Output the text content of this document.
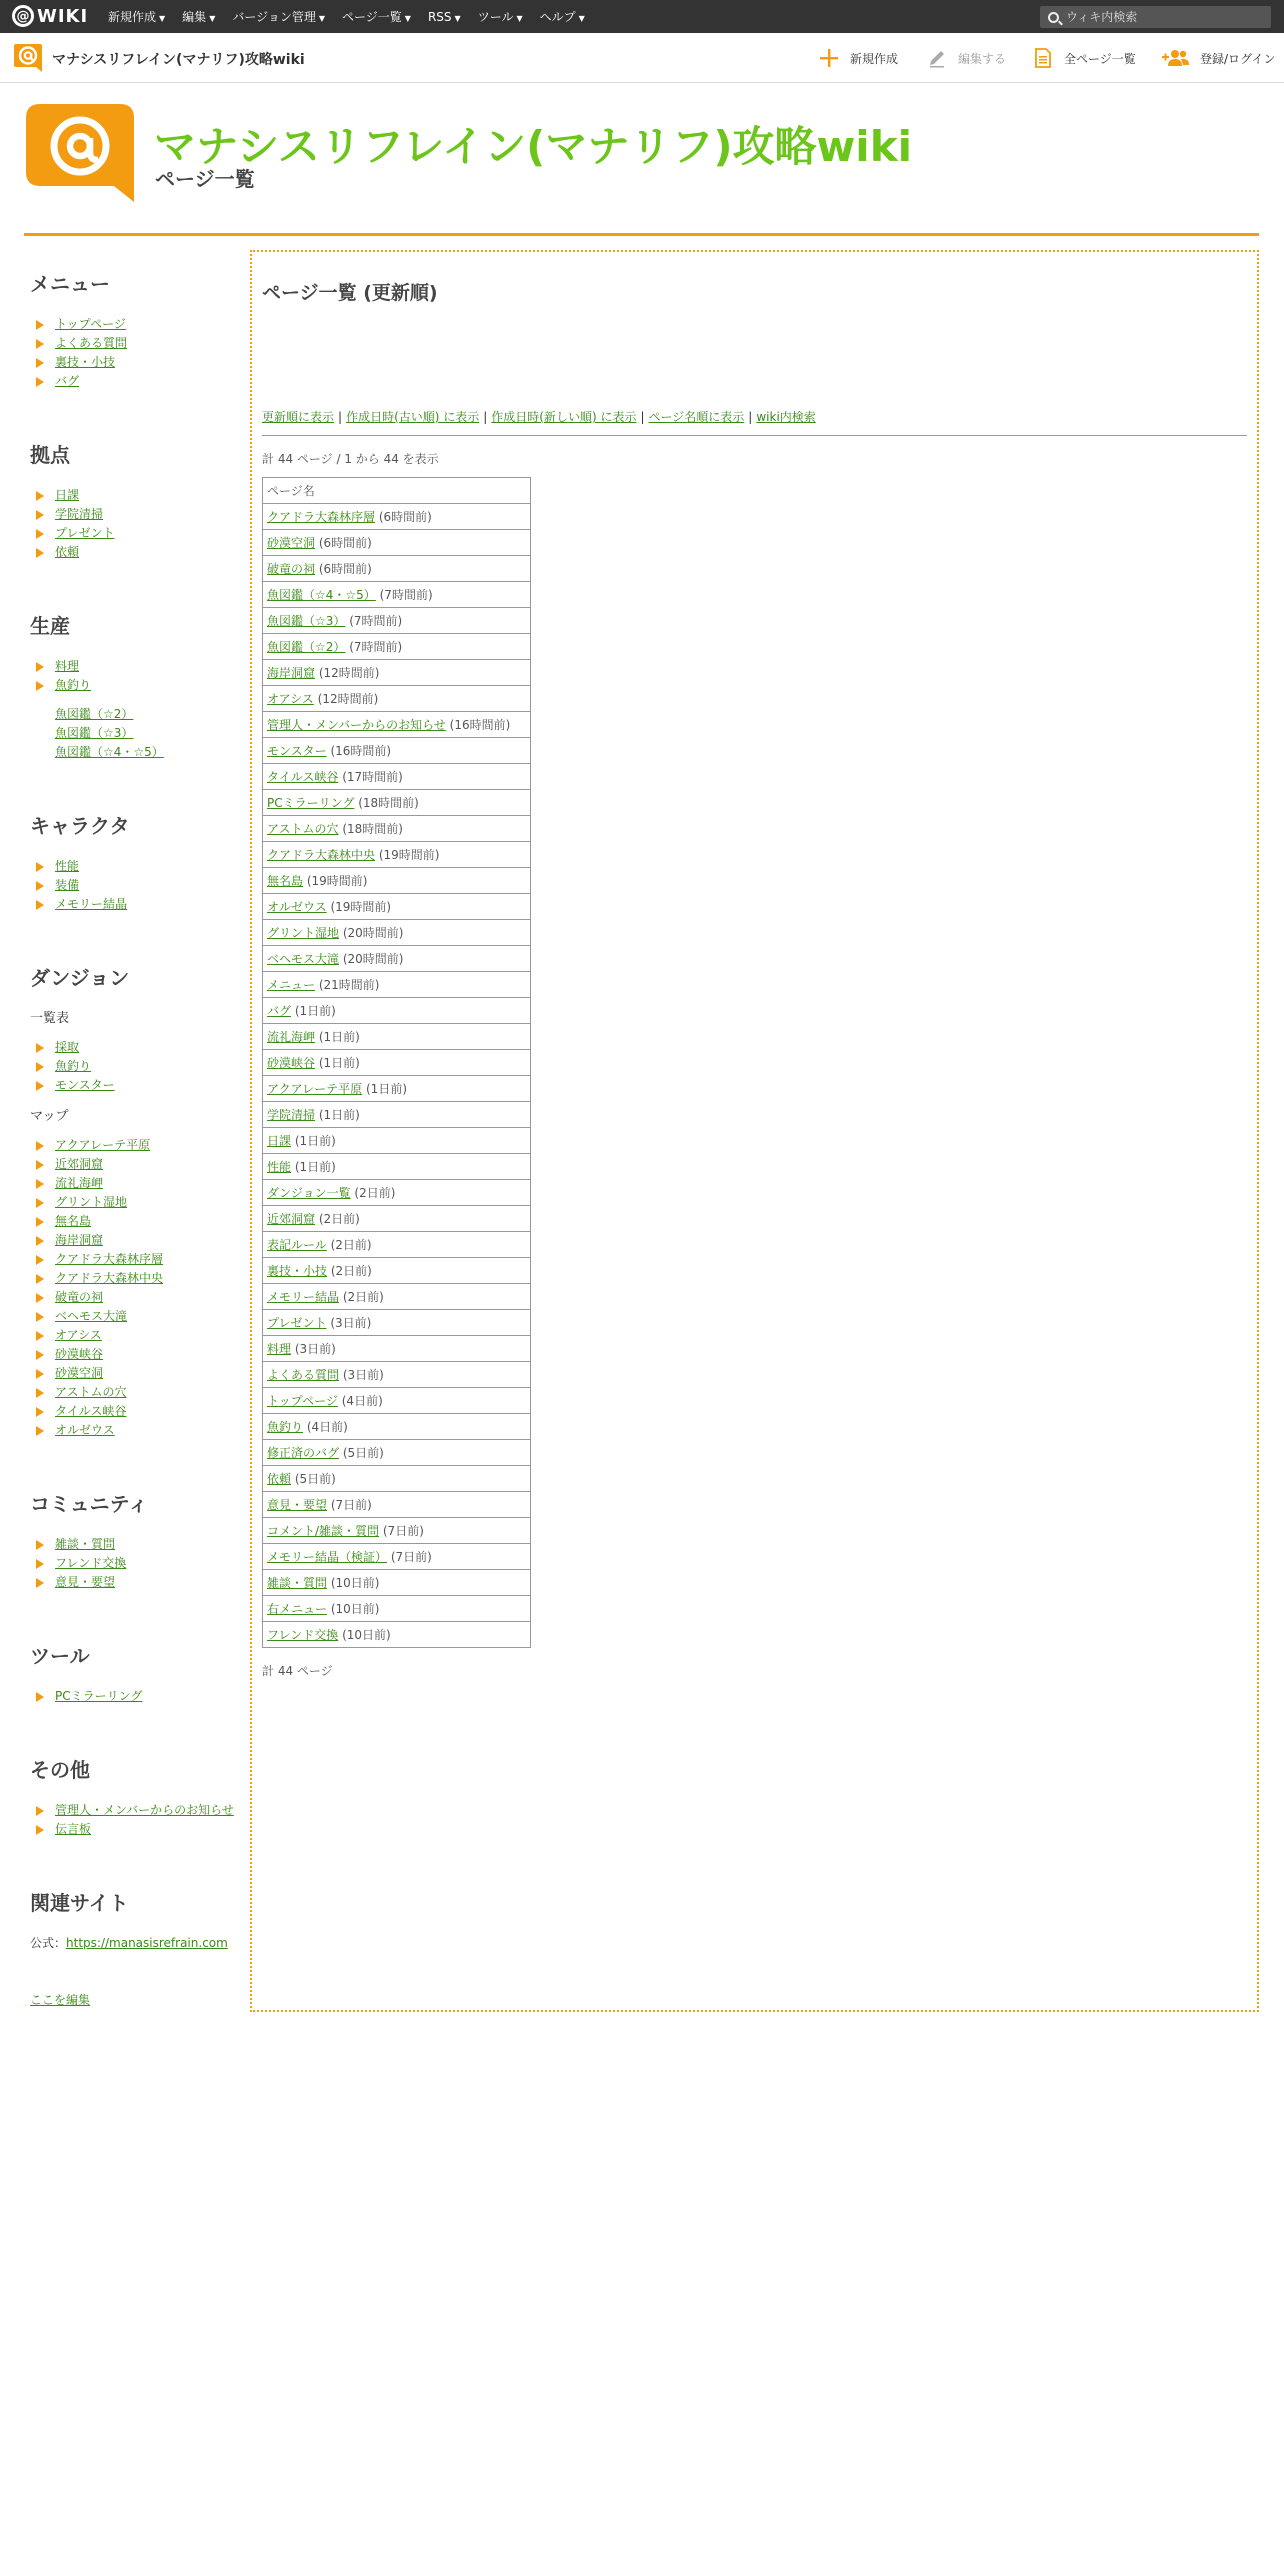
@ WIKI 新規作成 ▼ 編集 ▼ バージョン管理 ▼ ページ一覧 ▼ RSS ▼ ツール ▼ ヘルプ ▼
ウィキ内検索
マナシスリフレイン(マナリフ)攻略wiki	新規作成	編集する	全ページ一覧	登録/ログイン
マナシスリフレイン(マナリフ)攻略wiki
ページ一覧
メニュー
トップページ
よくある質問
裏技・小技
バグ
拠点
日課
学院清掃
プレゼント
依頼
生産
料理
魚釣り
魚図鑑（☆2）
魚図鑑（☆3）
魚図鑑（☆4・☆5）
キャラクタ
性能
装備
メモリー結晶
ダンジョン
一覧表
採取
魚釣り
モンスター
マップ
アクアレーテ平原
近郊洞窟
流礼海岬
グリント湿地
無名島
海岸洞窟
クアドラ大森林序層
クアドラ大森林中央
破竜の祠
ベヘモス大滝
オアシス
砂漠峡谷
砂漠空洞
アストムの穴
タイルス峡谷
オルゼウス
コミュニティ
雑談・質問
フレンド交換
意見・要望
ツール
PCミラーリング
その他
管理人・メンバーからのお知らせ
伝言板
関連サイト
公式：https://manasisrefrain.com
ここを編集
ページ一覧 (更新順)
更新順に表示 | 作成日時(古い順) に表示 | 作成日時(新しい順) に表示 | ページ名順に表示 | wiki内検索
計 44 ページ / 1 から 44 を表示
ページ名
クアドラ大森林序層 (6時間前)
砂漠空洞 (6時間前)
破竜の祠 (6時間前)
魚図鑑（☆4・☆5） (7時間前)
魚図鑑（☆3） (7時間前)
魚図鑑（☆2） (7時間前)
海岸洞窟 (12時間前)
オアシス (12時間前)
管理人・メンバーからのお知らせ (16時間前)
モンスター (16時間前)
タイルス峡谷 (17時間前)
PCミラーリング (18時間前)
アストムの穴 (18時間前)
クアドラ大森林中央 (19時間前)
無名島 (19時間前)
オルゼウス (19時間前)
グリント湿地 (20時間前)
ベヘモス大滝 (20時間前)
メニュー (21時間前)
バグ (1日前)
流礼海岬 (1日前)
砂漠峡谷 (1日前)
アクアレーテ平原 (1日前)
学院清掃 (1日前)
日課 (1日前)
性能 (1日前)
ダンジョン一覧 (2日前)
近郊洞窟 (2日前)
表記ルール (2日前)
裏技・小技 (2日前)
メモリー結晶 (2日前)
プレゼント (3日前)
料理 (3日前)
よくある質問 (3日前)
トップページ (4日前)
魚釣り (4日前)
修正済のバグ (5日前)
依頼 (5日前)
意見・要望 (7日前)
コメント/雑談・質問 (7日前)
メモリー結晶（検証） (7日前)
雑談・質問 (10日前)
右メニュー (10日前)
フレンド交換 (10日前)
計 44 ページ
